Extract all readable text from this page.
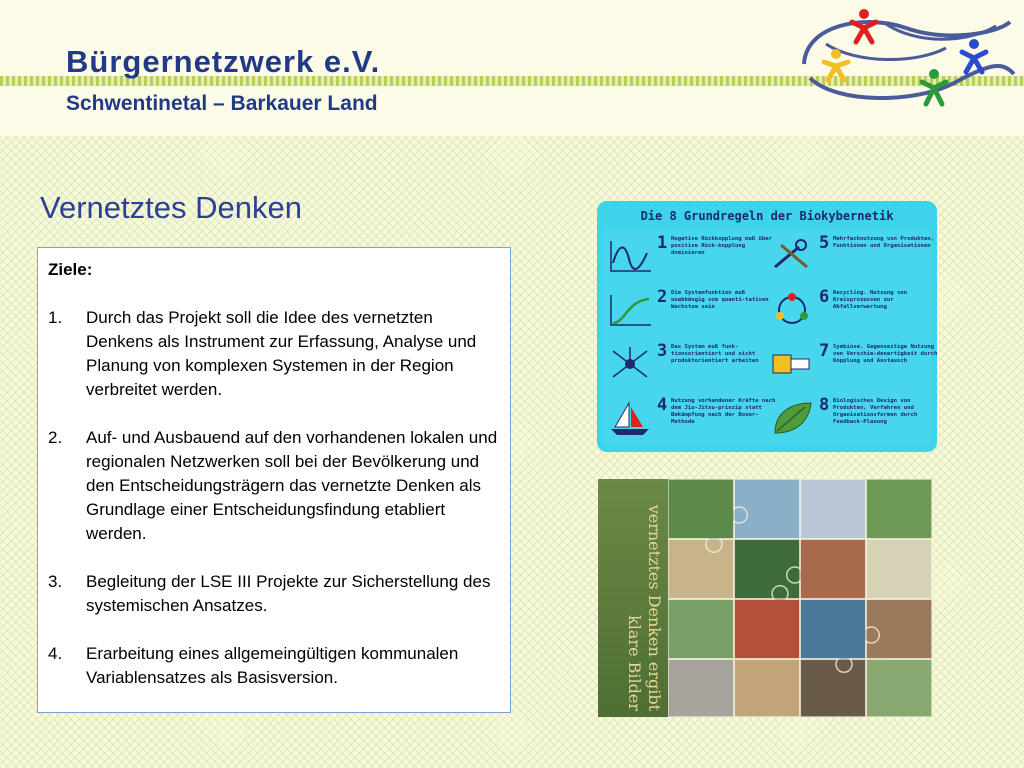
Bürgernetzwerk e.V.
Schwentinetal – Barkauer Land
Vernetztes Denken

Ziele:

1. Durch das Projekt soll die Idee des vernetzten Denkens als Instrument zur Erfassung, Analyse und Planung von komplexen Systemen in der Region verbreitet werden.
2. Auf- und Ausbauend auf den vorhandenen lokalen und regionalen Netzwerken soll bei der Bevölkerung und den Entscheidungsträgern das vernetzte Denken als Grundlage einer Entscheidungsfindung etabliert werden.
3. Begleitung der LSE III Projekte zur Sicherstellung des systemischen Ansatzes.
4. Erarbeitung eines allgemeingültigen kommunalen Variablensatzes als Basisversion.
Die 8 Grundregeln der Biokybernetik
1 Negative Rückkopplung muß über positive Rück-kopplung dominieren
2 Die Systemfunktion muß unabhängig vom quanti-tativen Wachstum sein
3 Das System muß funk-tionsorientiert und nicht produktorientiert arbeiten
4 Nutzung vorhandener Kräfte nach dem Jiu-Jitsu-prinzip statt Bekämpfung nach der Boxer-Methode
5 Mehrfachnutzung von Produkten, Funktionen und Organisationen
6 Recycling. Nutzung von Kreisprozessen zur Abfallverwertung
7 Symbiose. Gegenseitige Nutzung von Verschie-denartigkeit durch Kopplung und Austausch
8 Biologisches Design von Produkten, Verfahren und Organisationsformen durch Feedback-Planung
vernetztes Denken ergibt klare Bilder
